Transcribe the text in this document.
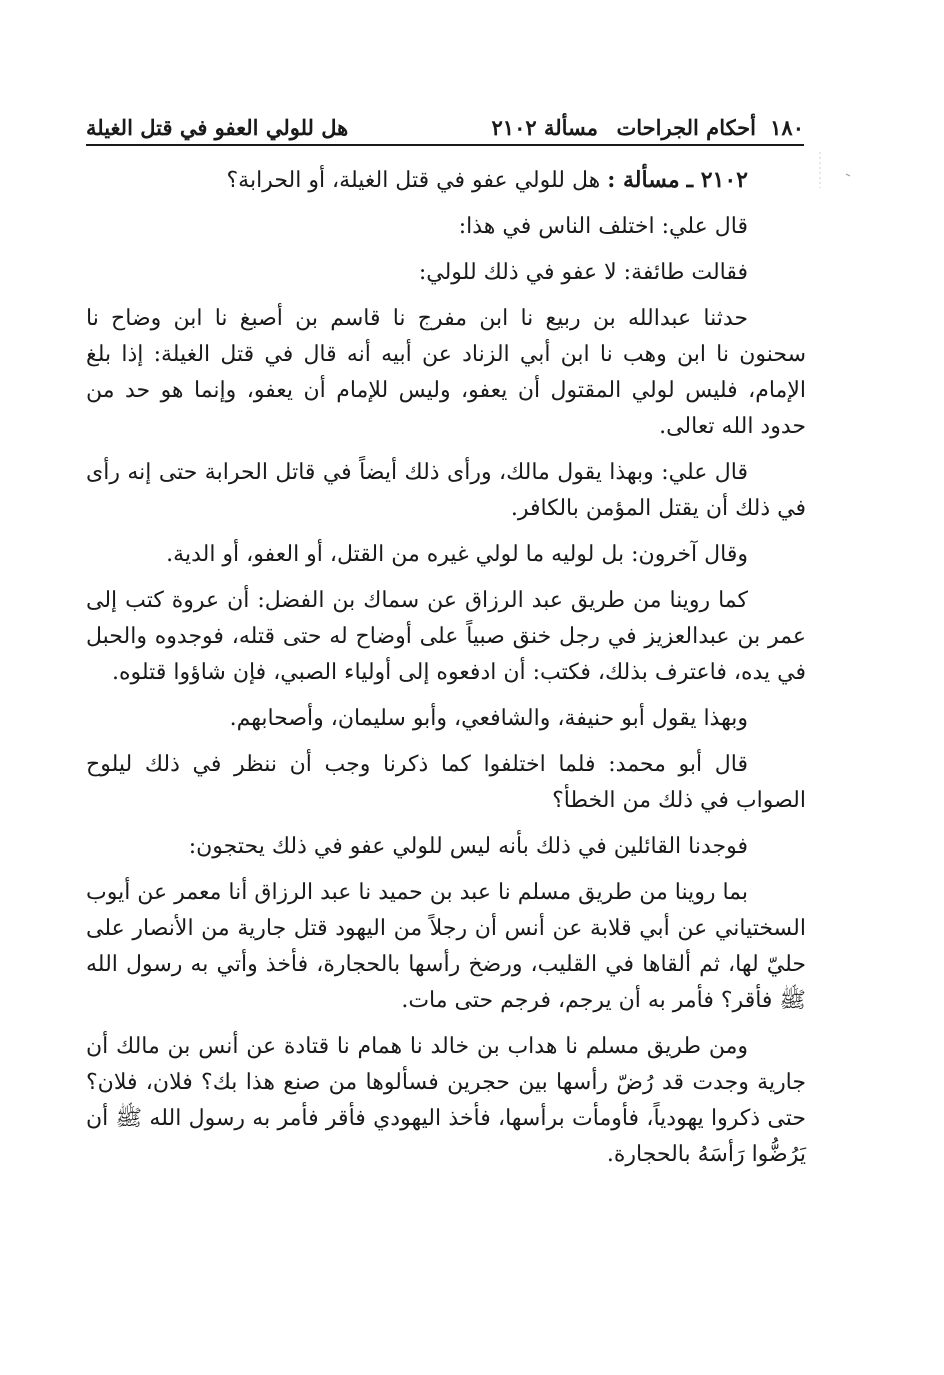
١٨٠
أحكام الجراحات
مسألة ٢١٠٢
هل للولي العفو في قتل الغيلة

٢١٠٢ ـ مسألة : هل للولي عفو في قتل الغيلة، أو الحرابة؟

قال علي: اختلف الناس في هذا:

فقالت طائفة: لا عفو في ذلك للولي:

حدثنا عبدالله بن ربيع نا ابن مفرج نا قاسم بن أصبغ نا ابن وضاح نا سحنون نا ابن وهب نا ابن أبي الزناد عن أبيه أنه قال في قتل الغيلة: إذا بلغ الإمام، فليس لولي المقتول أن يعفو، وليس للإمام أن يعفو، وإنما هو حد من حدود الله تعالى.

قال علي: وبهذا يقول مالك، ورأى ذلك أيضاً في قاتل الحرابة حتى إنه رأى في ذلك أن يقتل المؤمن بالكافر.

وقال آخرون: بل لوليه ما لولي غيره من القتل، أو العفو، أو الدية.

كما روينا من طريق عبد الرزاق عن سماك بن الفضل: أن عروة كتب إلى عمر بن عبدالعزيز في رجل خنق صبياً على أوضاح له حتى قتله، فوجدوه والحبل في يده، فاعترف بذلك، فكتب: أن ادفعوه إلى أولياء الصبي، فإن شاؤوا قتلوه.

وبهذا يقول أبو حنيفة، والشافعي، وأبو سليمان، وأصحابهم.

قال أبو محمد: فلما اختلفوا كما ذكرنا وجب أن ننظر في ذلك ليلوح الصواب في ذلك من الخطأ؟

فوجدنا القائلين في ذلك بأنه ليس للولي عفو في ذلك يحتجون:

بما روينا من طريق مسلم نا عبد بن حميد نا عبد الرزاق أنا معمر عن أيوب السختياني عن أبي قلابة عن أنس أن رجلاً من اليهود قتل جارية من الأنصار على حليّ لها، ثم ألقاها في القليب، ورضخ رأسها بالحجارة، فأخذ وأتي به رسول الله ﷺ فأقر؟ فأمر به أن يرجم، فرجم حتى مات.

ومن طريق مسلم نا هداب بن خالد نا همام نا قتادة عن أنس بن مالك أن جارية وجدت قد رُضّ رأسها بين حجرين فسألوها من صنع هذا بك؟ فلان، فلان؟ حتى ذكروا يهودياً، فأومأت برأسها، فأخذ اليهودي فأقر فأمر به رسول الله ﷺ أن يَرُضُّوا رَأسَهُ بالحجارة.
